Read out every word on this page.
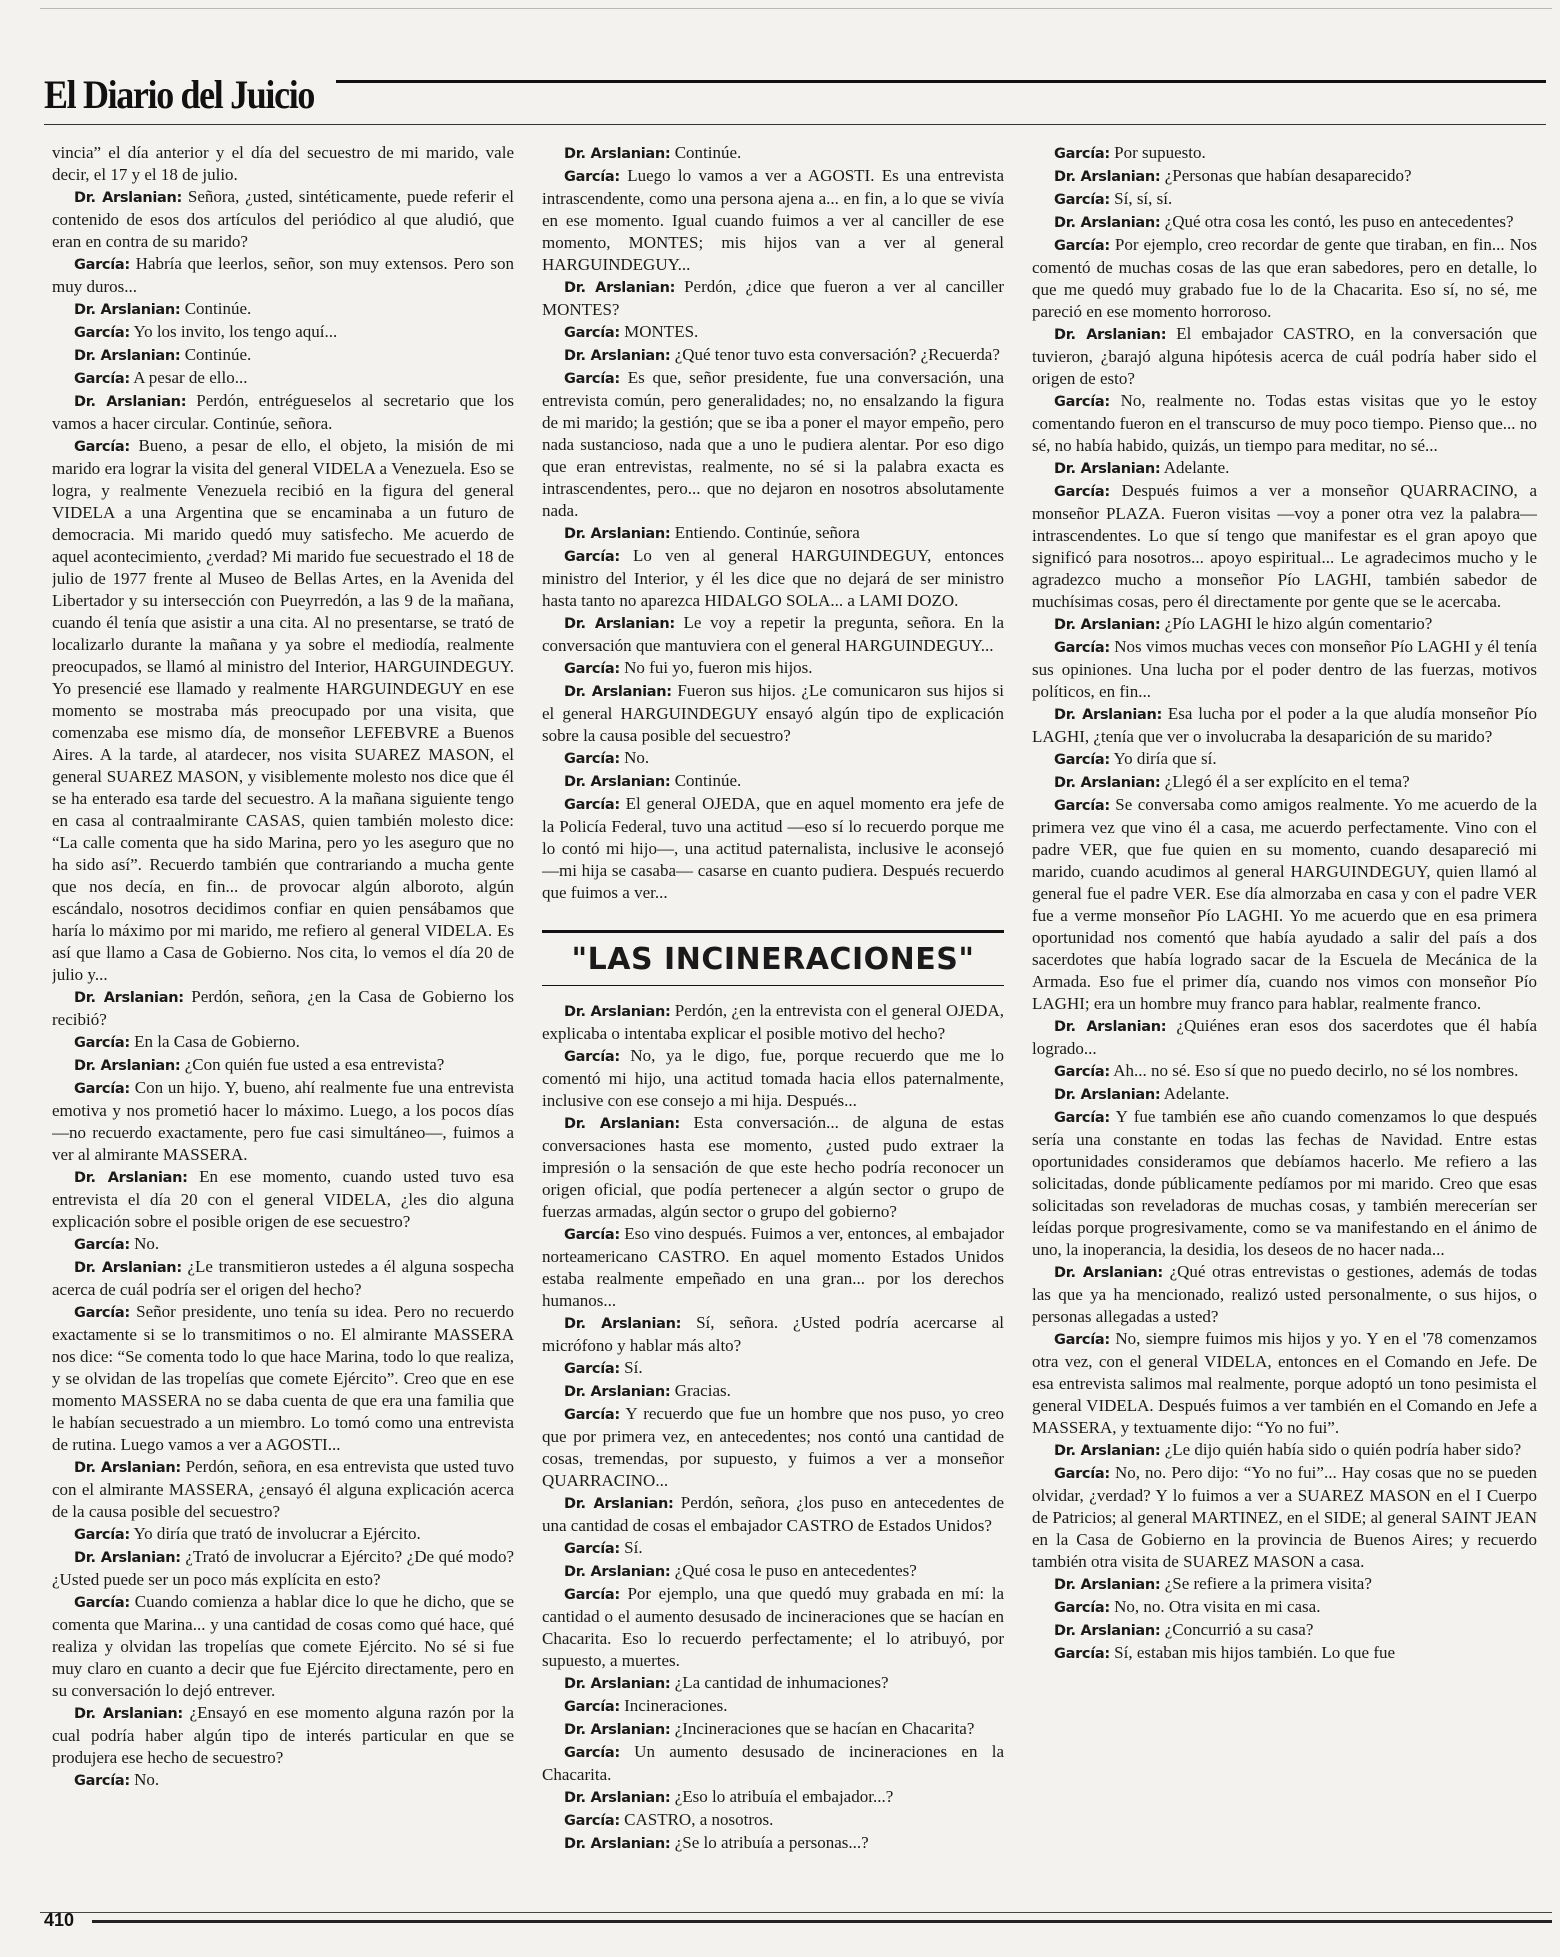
El Diario del Juicio

vincia” el día anterior y el día del secuestro de mi marido, vale decir, el 17 y el 18 de julio.

Dr. Arslanian: Señora, ¿usted, sintéticamente, puede referir el contenido de esos dos artículos del periódico al que aludió, que eran en contra de su marido?

García: Habría que leerlos, señor, son muy extensos. Pero son muy duros...

Dr. Arslanian: Continúe.

García: Yo los invito, los tengo aquí...

Dr. Arslanian: Continúe.

García: A pesar de ello...

Dr. Arslanian: Perdón, entrégueselos al secretario que los vamos a hacer circular. Continúe, señora.

García: Bueno, a pesar de ello, el objeto, la misión de mi marido era lograr la visita del general VIDELA a Venezuela. Eso se logra, y realmente Venezuela recibió en la figura del general VIDELA a una Argentina que se encaminaba a un futuro de democracia. Mi marido quedó muy satisfecho. Me acuerdo de aquel acontecimiento, ¿verdad? Mi marido fue secuestrado el 18 de julio de 1977 frente al Museo de Bellas Artes, en la Avenida del Libertador y su intersección con Pueyrredón, a las 9 de la mañana, cuando él tenía que asistir a una cita. Al no presentarse, se trató de localizarlo durante la mañana y ya sobre el mediodía, realmente preocupados, se llamó al ministro del Interior, HARGUINDEGUY. Yo presencié ese llamado y realmente HARGUINDEGUY en ese momento se mostraba más preocupado por una visita, que comenzaba ese mismo día, de monseñor LEFEBVRE a Buenos Aires. A la tarde, al atardecer, nos visita SUAREZ MASON, el general SUAREZ MASON, y visiblemente molesto nos dice que él se ha enterado esa tarde del secuestro. A la mañana siguiente tengo en casa al contraalmirante CASAS, quien también molesto dice: “La calle comenta que ha sido Marina, pero yo les aseguro que no ha sido así”. Recuerdo también que contrariando a mucha gente que nos decía, en fin... de provocar algún alboroto, algún escándalo, nosotros decidimos confiar en quien pensábamos que haría lo máximo por mi marido, me refiero al general VIDELA. Es así que llamo a Casa de Gobierno. Nos cita, lo vemos el día 20 de julio y...

Dr. Arslanian: Perdón, señora, ¿en la Casa de Gobierno los recibió?

García: En la Casa de Gobierno.

Dr. Arslanian: ¿Con quién fue usted a esa entrevista?

García: Con un hijo. Y, bueno, ahí realmente fue una entrevista emotiva y nos prometió hacer lo máximo. Luego, a los pocos días —no recuerdo exactamente, pero fue casi simultáneo—, fuimos a ver al almirante MASSERA.

Dr. Arslanian: En ese momento, cuando usted tuvo esa entrevista el día 20 con el general VIDELA, ¿les dio alguna explicación sobre el posible origen de ese secuestro?

García: No.

Dr. Arslanian: ¿Le transmitieron ustedes a él alguna sospecha acerca de cuál podría ser el origen del hecho?

García: Señor presidente, uno tenía su idea. Pero no recuerdo exactamente si se lo transmitimos o no. El almirante MASSERA nos dice: “Se comenta todo lo que hace Marina, todo lo que realiza, y se olvidan de las tropelías que comete Ejército”. Creo que en ese momento MASSERA no se daba cuenta de que era una familia que le habían secuestrado a un miembro. Lo tomó como una entrevista de rutina. Luego vamos a ver a AGOSTI...

Dr. Arslanian: Perdón, señora, en esa entrevista que usted tuvo con el almirante MASSERA, ¿ensayó él alguna explicación acerca de la causa posible del secuestro?

García: Yo diría que trató de involucrar a Ejército.

Dr. Arslanian: ¿Trató de involucrar a Ejército? ¿De qué modo? ¿Usted puede ser un poco más explícita en esto?

García: Cuando comienza a hablar dice lo que he dicho, que se comenta que Marina... y una cantidad de cosas como qué hace, qué realiza y olvidan las tropelías que comete Ejército. No sé si fue muy claro en cuanto a decir que fue Ejército directamente, pero en su conversación lo dejó entrever.

Dr. Arslanian: ¿Ensayó en ese momento alguna razón por la cual podría haber algún tipo de interés particular en que se produjera ese hecho de secuestro?

García: No.

Dr. Arslanian: Continúe.

García: Luego lo vamos a ver a AGOSTI. Es una entrevista intrascendente, como una persona ajena a... en fin, a lo que se vivía en ese momento. Igual cuando fuimos a ver al canciller de ese momento, MONTES; mis hijos van a ver al general HARGUINDEGUY...

Dr. Arslanian: Perdón, ¿dice que fueron a ver al canciller MONTES?

García: MONTES.

Dr. Arslanian: ¿Qué tenor tuvo esta conversación? ¿Recuerda?

García: Es que, señor presidente, fue una conversación, una entrevista común, pero generalidades; no, no ensalzando la figura de mi marido; la gestión; que se iba a poner el mayor empeño, pero nada sustancioso, nada que a uno le pudiera alentar. Por eso digo que eran entrevistas, realmente, no sé si la palabra exacta es intrascendentes, pero... que no dejaron en nosotros absolutamente nada.

Dr. Arslanian: Entiendo. Continúe, señora

García: Lo ven al general HARGUINDEGUY, entonces ministro del Interior, y él les dice que no dejará de ser ministro hasta tanto no aparezca HIDALGO SOLA... a LAMI DOZO.

Dr. Arslanian: Le voy a repetir la pregunta, señora. En la conversación que mantuviera con el general HARGUINDEGUY...

García: No fui yo, fueron mis hijos.

Dr. Arslanian: Fueron sus hijos. ¿Le comunicaron sus hijos si el general HARGUINDEGUY ensayó algún tipo de explicación sobre la causa posible del secuestro?

García: No.

Dr. Arslanian: Continúe.

García: El general OJEDA, que en aquel momento era jefe de la Policía Federal, tuvo una actitud —eso sí lo recuerdo porque me lo contó mi hijo—, una actitud paternalista, inclusive le aconsejó —mi hija se casaba— casarse en cuanto pudiera. Después recuerdo que fuimos a ver...

"LAS INCINERACIONES"

Dr. Arslanian: Perdón, ¿en la entrevista con el general OJEDA, explicaba o intentaba explicar el posible motivo del hecho?

García: No, ya le digo, fue, porque recuerdo que me lo comentó mi hijo, una actitud tomada hacia ellos paternalmente, inclusive con ese consejo a mi hija. Después...

Dr. Arslanian: Esta conversación... de alguna de estas conversaciones hasta ese momento, ¿usted pudo extraer la impresión o la sensación de que este hecho podría reconocer un origen oficial, que podía pertenecer a algún sector o grupo de fuerzas armadas, algún sector o grupo del gobierno?

García: Eso vino después. Fuimos a ver, entonces, al embajador norteamericano CASTRO. En aquel momento Estados Unidos estaba realmente empeñado en una gran... por los derechos humanos...

Dr. Arslanian: Sí, señora. ¿Usted podría acercarse al micrófono y hablar más alto?

García: Sí.

Dr. Arslanian: Gracias.

García: Y recuerdo que fue un hombre que nos puso, yo creo que por primera vez, en antecedentes; nos contó una cantidad de cosas, tremendas, por supuesto, y fuimos a ver a monseñor QUARRACINO...

Dr. Arslanian: Perdón, señora, ¿los puso en antecedentes de una cantidad de cosas el embajador CASTRO de Estados Unidos?

García: Sí.

Dr. Arslanian: ¿Qué cosa le puso en antecedentes?

García: Por ejemplo, una que quedó muy grabada en mí: la cantidad o el aumento desusado de incineraciones que se hacían en Chacarita. Eso lo recuerdo perfectamente; el lo atribuyó, por supuesto, a muertes.

Dr. Arslanian: ¿La cantidad de inhumaciones?

García: Incineraciones.

Dr. Arslanian: ¿Incineraciones que se hacían en Chacarita?

García: Un aumento desusado de incineraciones en la Chacarita.

Dr. Arslanian: ¿Eso lo atribuía el embajador...?

García: CASTRO, a nosotros.

Dr. Arslanian: ¿Se lo atribuía a personas...?

García: Por supuesto.

Dr. Arslanian: ¿Personas que habían desaparecido?

García: Sí, sí, sí.

Dr. Arslanian: ¿Qué otra cosa les contó, les puso en antecedentes?

García: Por ejemplo, creo recordar de gente que tiraban, en fin... Nos comentó de muchas cosas de las que eran sabedores, pero en detalle, lo que me quedó muy grabado fue lo de la Chacarita. Eso sí, no sé, me pareció en ese momento horroroso.

Dr. Arslanian: El embajador CASTRO, en la conversación que tuvieron, ¿barajó alguna hipótesis acerca de cuál podría haber sido el origen de esto?

García: No, realmente no. Todas estas visitas que yo le estoy comentando fueron en el transcurso de muy poco tiempo. Pienso que... no sé, no había habido, quizás, un tiempo para meditar, no sé...

Dr. Arslanian: Adelante.

García: Después fuimos a ver a monseñor QUARRACINO, a monseñor PLAZA. Fueron visitas —voy a poner otra vez la palabra— intrascendentes. Lo que sí tengo que manifestar es el gran apoyo que significó para nosotros... apoyo espiritual... Le agradecimos mucho y le agradezco mucho a monseñor Pío LAGHI, también sabedor de muchísimas cosas, pero él directamente por gente que se le acercaba.

Dr. Arslanian: ¿Pío LAGHI le hizo algún comentario?

García: Nos vimos muchas veces con monseñor Pío LAGHI y él tenía sus opiniones. Una lucha por el poder dentro de las fuerzas, motivos políticos, en fin...

Dr. Arslanian: Esa lucha por el poder a la que aludía monseñor Pío LAGHI, ¿tenía que ver o involucraba la desaparición de su marido?

García: Yo diría que sí.

Dr. Arslanian: ¿Llegó él a ser explícito en el tema?

García: Se conversaba como amigos realmente. Yo me acuerdo de la primera vez que vino él a casa, me acuerdo perfectamente. Vino con el padre VER, que fue quien en su momento, cuando desapareció mi marido, cuando acudimos al general HARGUINDEGUY, quien llamó al general fue el padre VER. Ese día almorzaba en casa y con el padre VER fue a verme monseñor Pío LAGHI. Yo me acuerdo que en esa primera oportunidad nos comentó que había ayudado a salir del país a dos sacerdotes que había logrado sacar de la Escuela de Mecánica de la Armada. Eso fue el primer día, cuando nos vimos con monseñor Pío LAGHI; era un hombre muy franco para hablar, realmente franco.

Dr. Arslanian: ¿Quiénes eran esos dos sacerdotes que él había logrado...

García: Ah... no sé. Eso sí que no puedo decirlo, no sé los nombres.

Dr. Arslanian: Adelante.

García: Y fue también ese año cuando comenzamos lo que después sería una constante en todas las fechas de Navidad. Entre estas oportunidades consideramos que debíamos hacerlo. Me refiero a las solicitadas, donde públicamente pedíamos por mi marido. Creo que esas solicitadas son reveladoras de muchas cosas, y también merecerían ser leídas porque progresivamente, como se va manifestando en el ánimo de uno, la inoperancia, la desidia, los deseos de no hacer nada...

Dr. Arslanian: ¿Qué otras entrevistas o gestiones, además de todas las que ya ha mencionado, realizó usted personalmente, o sus hijos, o personas allegadas a usted?

García: No, siempre fuimos mis hijos y yo. Y en el '78 comenzamos otra vez, con el general VIDELA, entonces en el Comando en Jefe. De esa entrevista salimos mal realmente, porque adoptó un tono pesimista el general VIDELA. Después fuimos a ver también en el Comando en Jefe a MASSERA, y textuamente dijo: “Yo no fui”.

Dr. Arslanian: ¿Le dijo quién había sido o quién podría haber sido?

García: No, no. Pero dijo: “Yo no fui”... Hay cosas que no se pueden olvidar, ¿verdad? Y lo fuimos a ver a SUAREZ MASON en el I Cuerpo de Patricios; al general MARTINEZ, en el SIDE; al general SAINT JEAN en la Casa de Gobierno en la provincia de Buenos Aires; y recuerdo también otra visita de SUAREZ MASON a casa.

Dr. Arslanian: ¿Se refiere a la primera visita?

García: No, no. Otra visita en mi casa.

Dr. Arslanian: ¿Concurrió a su casa?

García: Sí, estaban mis hijos también. Lo que fue

410
